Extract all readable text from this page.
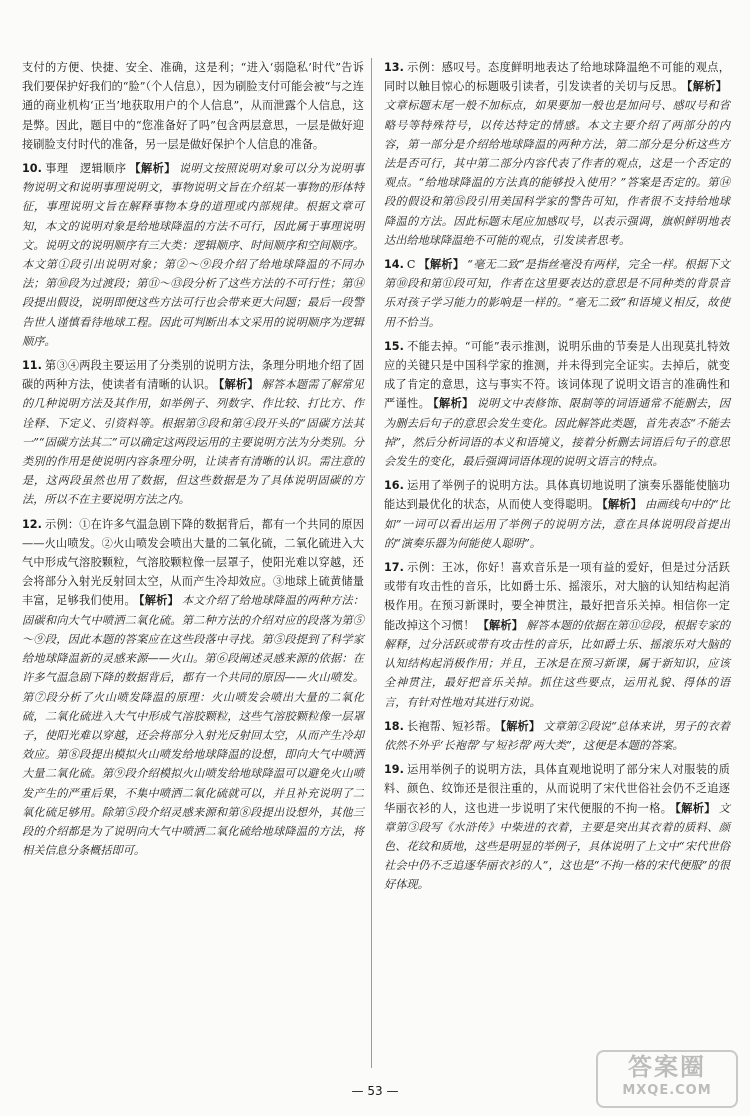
支付的方便、快捷、安全、准确，这是利；“进入‘弱隐私’时代”告诉我们要保护好我们的“脸”（个人信息），因为刷脸支付可能会被“与之连通的商业机构‘正当’地获取用户的个人信息”，从而泄露个人信息，这是弊。因此，题目中的“您准备好了吗”包含两层意思，一层是做好迎接刷脸支付时代的准备，另一层是做好保护个人信息的准备。

10. 事理　逻辑顺序 【解析】 说明文按照说明对象可以分为说明事物说明文和说明事理说明文，事物说明文旨在介绍某一事物的形体特征，事理说明文旨在解释事物本身的道理或内部规律。根据文章可知，本文的说明对象是给地球降温的方法不可行，因此属于事理说明文。说明文的说明顺序有三大类：逻辑顺序、时间顺序和空间顺序。本文第①段引出说明对象；第②～⑨段介绍了给地球降温的不同办法；第⑩段为过渡段；第⑪～⑬段分析了这些方法的不可行性；第⑭段提出假设，说明即便这些方法可行也会带来更大问题；最后一段警告世人谨慎看待地球工程。因此可判断出本文采用的说明顺序为逻辑顺序。

11. 第③④两段主要运用了分类别的说明方法，条理分明地介绍了固碳的两种方法，使读者有清晰的认识。 【解析】 解答本题需了解常见的几种说明方法及其作用，如举例子、列数字、作比较、打比方、作诠释、下定义、引资料等。根据第③段和第④段开头的“固碳方法其一”“固碳方法其二”可以确定这两段运用的主要说明方法为分类别。分类别的作用是使说明内容条理分明，让读者有清晰的认识。需注意的是，这两段虽然也用了数据，但这些数据是为了具体说明固碳的方法，所以不在主要说明方法之内。

12. 示例：①在许多气温急剧下降的数据背后，都有一个共同的原因——火山喷发。②火山喷发会喷出大量的二氧化硫，二氧化硫进入大气中形成气溶胶颗粒，气溶胶颗粒像一层罩子，使阳光难以穿越，还会将部分入射光反射回太空，从而产生冷却效应。③地球上硫黄储量丰富，足够我们使用。 【解析】 本文介绍了给地球降温的两种方法：固碳和向大气中喷洒二氧化硫。第二种方法的介绍对应的段落为第⑤～⑨段，因此本题的答案应在这些段落中寻找。第⑤段提到了科学家给地球降温新的灵感来源——火山。第⑥段阐述灵感来源的依据：在许多气温急剧下降的数据背后，都有一个共同的原因——火山喷发。第⑦段分析了火山喷发降温的原理：火山喷发会喷出大量的二氧化硫，二氧化硫进入大气中形成气溶胶颗粒，这些气溶胶颗粒像一层罩子，使阳光难以穿越，还会将部分入射光反射回太空，从而产生冷却效应。第⑧段提出模拟火山喷发给地球降温的设想，即向大气中喷洒大量二氧化硫。第⑨段介绍模拟火山喷发给地球降温可以避免火山喷发产生的严重后果，不集中喷洒二氧化硫就可以，并且补充说明了二氧化硫足够用。除第⑤段介绍灵感来源和第⑧段提出设想外，其他三段的介绍都是为了说明向大气中喷洒二氧化硫给地球降温的方法，将相关信息分条概括即可。

13. 示例：感叹号。态度鲜明地表达了给地球降温绝不可能的观点，同时以触目惊心的标题吸引读者，引发读者的关切与反思。 【解析】文章标题末尾一般不加标点，如果要加一般也是加问号、感叹号和省略号等特殊符号，以传达特定的情感。本文主要介绍了两部分的内容，第一部分是介绍给地球降温的两种方法，第二部分是分析这些方法是否可行，其中第二部分内容代表了作者的观点，这是一个否定的观点。“给地球降温的方法真的能够投入使用？”答案是否定的。第⑭段的假设和第⑮段引用美国科学家的警告可知，作者很不支持给地球降温的方法。因此标题末尾应加感叹号，以表示强调，旗帜鲜明地表达出给地球降温绝不可能的观点，引发读者思考。

14. C 【解析】 “毫无二致”是指丝毫没有两样，完全一样。根据下文第⑩段和第⑪段可知，作者在这里要表达的意思是不同种类的背景音乐对孩子学习能力的影响是一样的。“毫无二致”和语境义相反，故使用不恰当。

15. 不能去掉。“可能”表示推测，说明乐曲的节奏是人出现莫扎特效应的关键只是中国科学家的推测，并未得到完全证实。去掉后，就变成了肯定的意思，这与事实不符。该词体现了说明文语言的准确性和严谨性。 【解析】 说明文中表修饰、限制等的词语通常不能删去，因为删去后句子的意思会发生变化。因此解答此类题，首先表态“不能去掉”，然后分析词语的本义和语境义，接着分析删去词语后句子的意思会发生的变化，最后强调词语体现的说明文语言的特点。

16. 运用了举例子的说明方法。具体真切地说明了演奏乐器能使脑功能达到最优化的状态，从而使人变得聪明。 【解析】 由画线句中的“比如”一词可以看出运用了举例子的说明方法，意在具体说明段首提出的“演奏乐器为何能使人聪明”。

17. 示例：王冰，你好！喜欢音乐是一项有益的爱好，但是过分活跃或带有攻击性的音乐，比如爵士乐、摇滚乐，对大脑的认知结构起消极作用。在预习新课时，要全神贯注，最好把音乐关掉。相信你一定能改掉这个习惯！ 【解析】 解答本题的依据在第⑪⑫段，根据专家的解释，过分活跃或带有攻击性的音乐，比如爵士乐、摇滚乐对大脑的认知结构起消极作用；并且，王冰是在预习新课，属于新知识，应该全神贯注，最好把音乐关掉。抓住这些要点，运用礼貌、得体的语言，有针对性地对其进行劝说。

18. 长袍帮、短衫帮。 【解析】 文章第②段说“总体来讲，男子的衣着依然不外乎‘长袍帮’与‘短衫帮’两大类”，这便是本题的答案。

19. 运用举例子的说明方法，具体直观地说明了部分宋人对服装的质料、颜色、纹饰还是很注重的，从而说明了宋代世俗社会仍不乏追逐华丽衣衫的人，这也进一步说明了宋代便服的不拘一格。 【解析】 文章第③段写《水浒传》中柴进的衣着，主要是突出其衣着的质料、颜色、花纹和质地，这些是明显的举例子，具体说明了上文中“宋代世俗社会中仍不乏追逐华丽衣衫的人”，这也是“不拘一格的宋代便服”的很好体现。

— 53 —
答案圈
MXQE.COM
